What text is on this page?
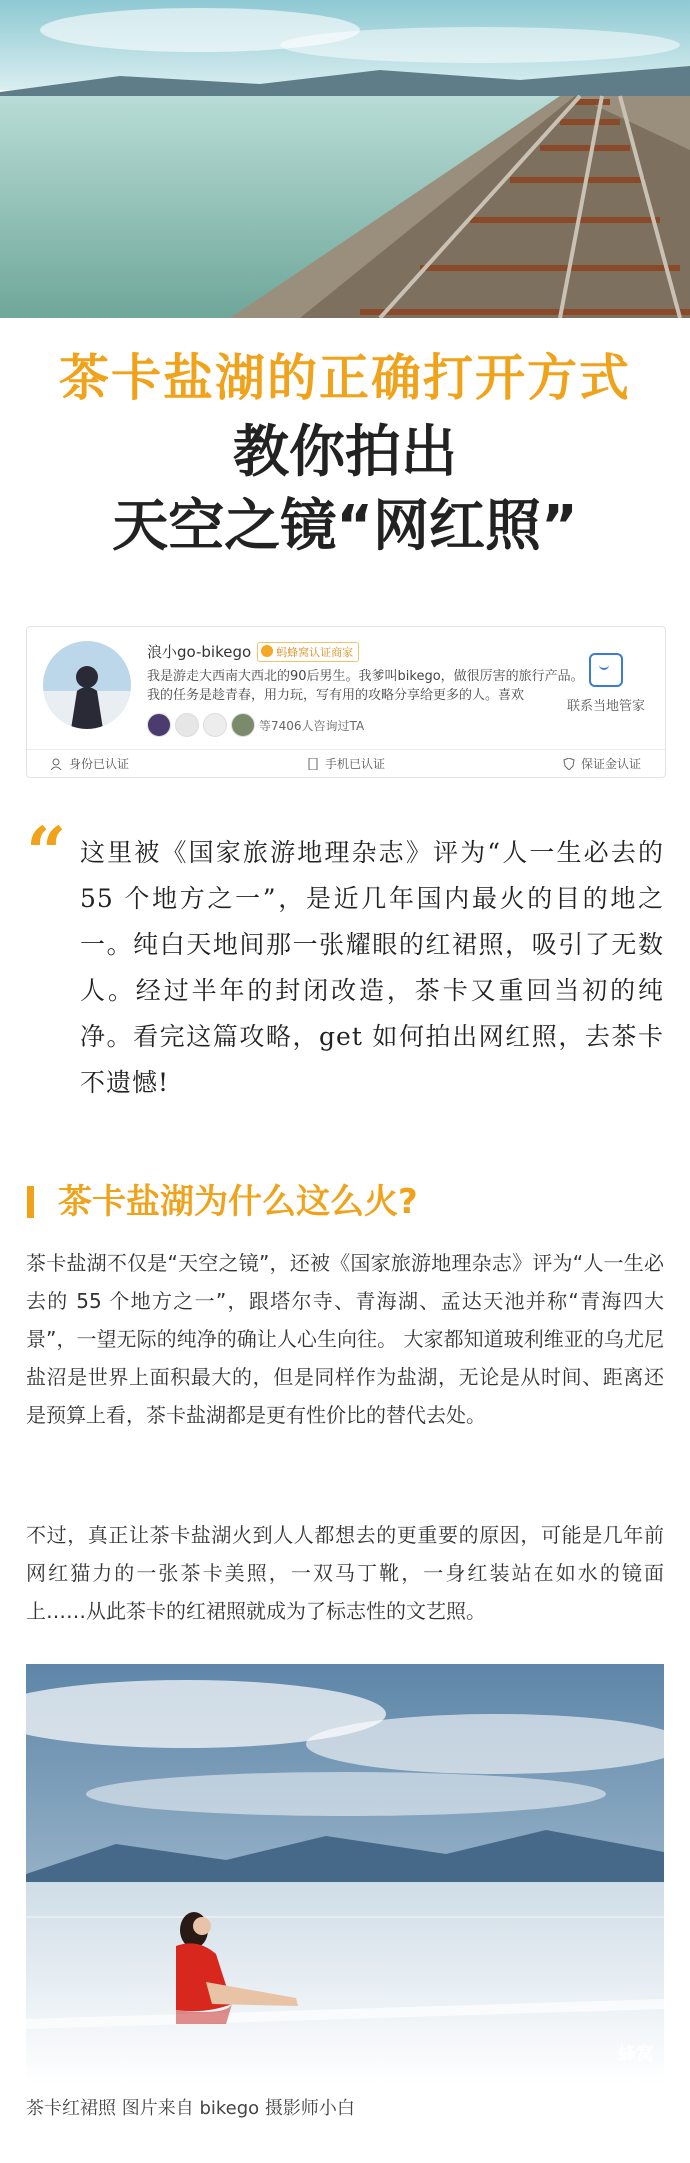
茶卡盐湖的正确打开方式
教你拍出
天空之镜“网红照”
浪小go-bikego	蚂蜂窝认证商家
我是游走大西南大西北的90后男生。我爹叫bikego，做很厉害的旅行产品。我的任务是趁青春，用力玩，写有用的攻略分享给更多的人。喜欢
等7406人咨询过TA
联系当地管家
身份已认证	手机已认证	保证金认证
“ 这里被《国家旅游地理杂志》评为“人一生必去的 55 个地方之一”，是近几年国内最火的目的地之一。纯白天地间那一张耀眼的红裙照，吸引了无数人。经过半年的封闭改造，茶卡又重回当初的纯净。看完这篇攻略，get 如何拍出网红照，去茶卡不遗憾!
茶卡盐湖为什么这么火?
茶卡盐湖不仅是“天空之镜”，还被《国家旅游地理杂志》评为“人一生必去的 55 个地方之一”，跟塔尔寺、青海湖、孟达天池并称“青海四大景”，一望无际的纯净的确让人心生向往。 大家都知道玻利维亚的乌尤尼盐沼是世界上面积最大的，但是同样作为盐湖，无论是从时间、距离还是预算上看，茶卡盐湖都是更有性价比的替代去处。
不过，真正让茶卡盐湖火到人人都想去的更重要的原因，可能是几年前网红猫力的一张茶卡美照，一双马丁靴，一身红装站在如水的镜面上……从此茶卡的红裙照就成为了标志性的文艺照。
蜂窝
茶卡红裙照 图片来自 bikego 摄影师小白
